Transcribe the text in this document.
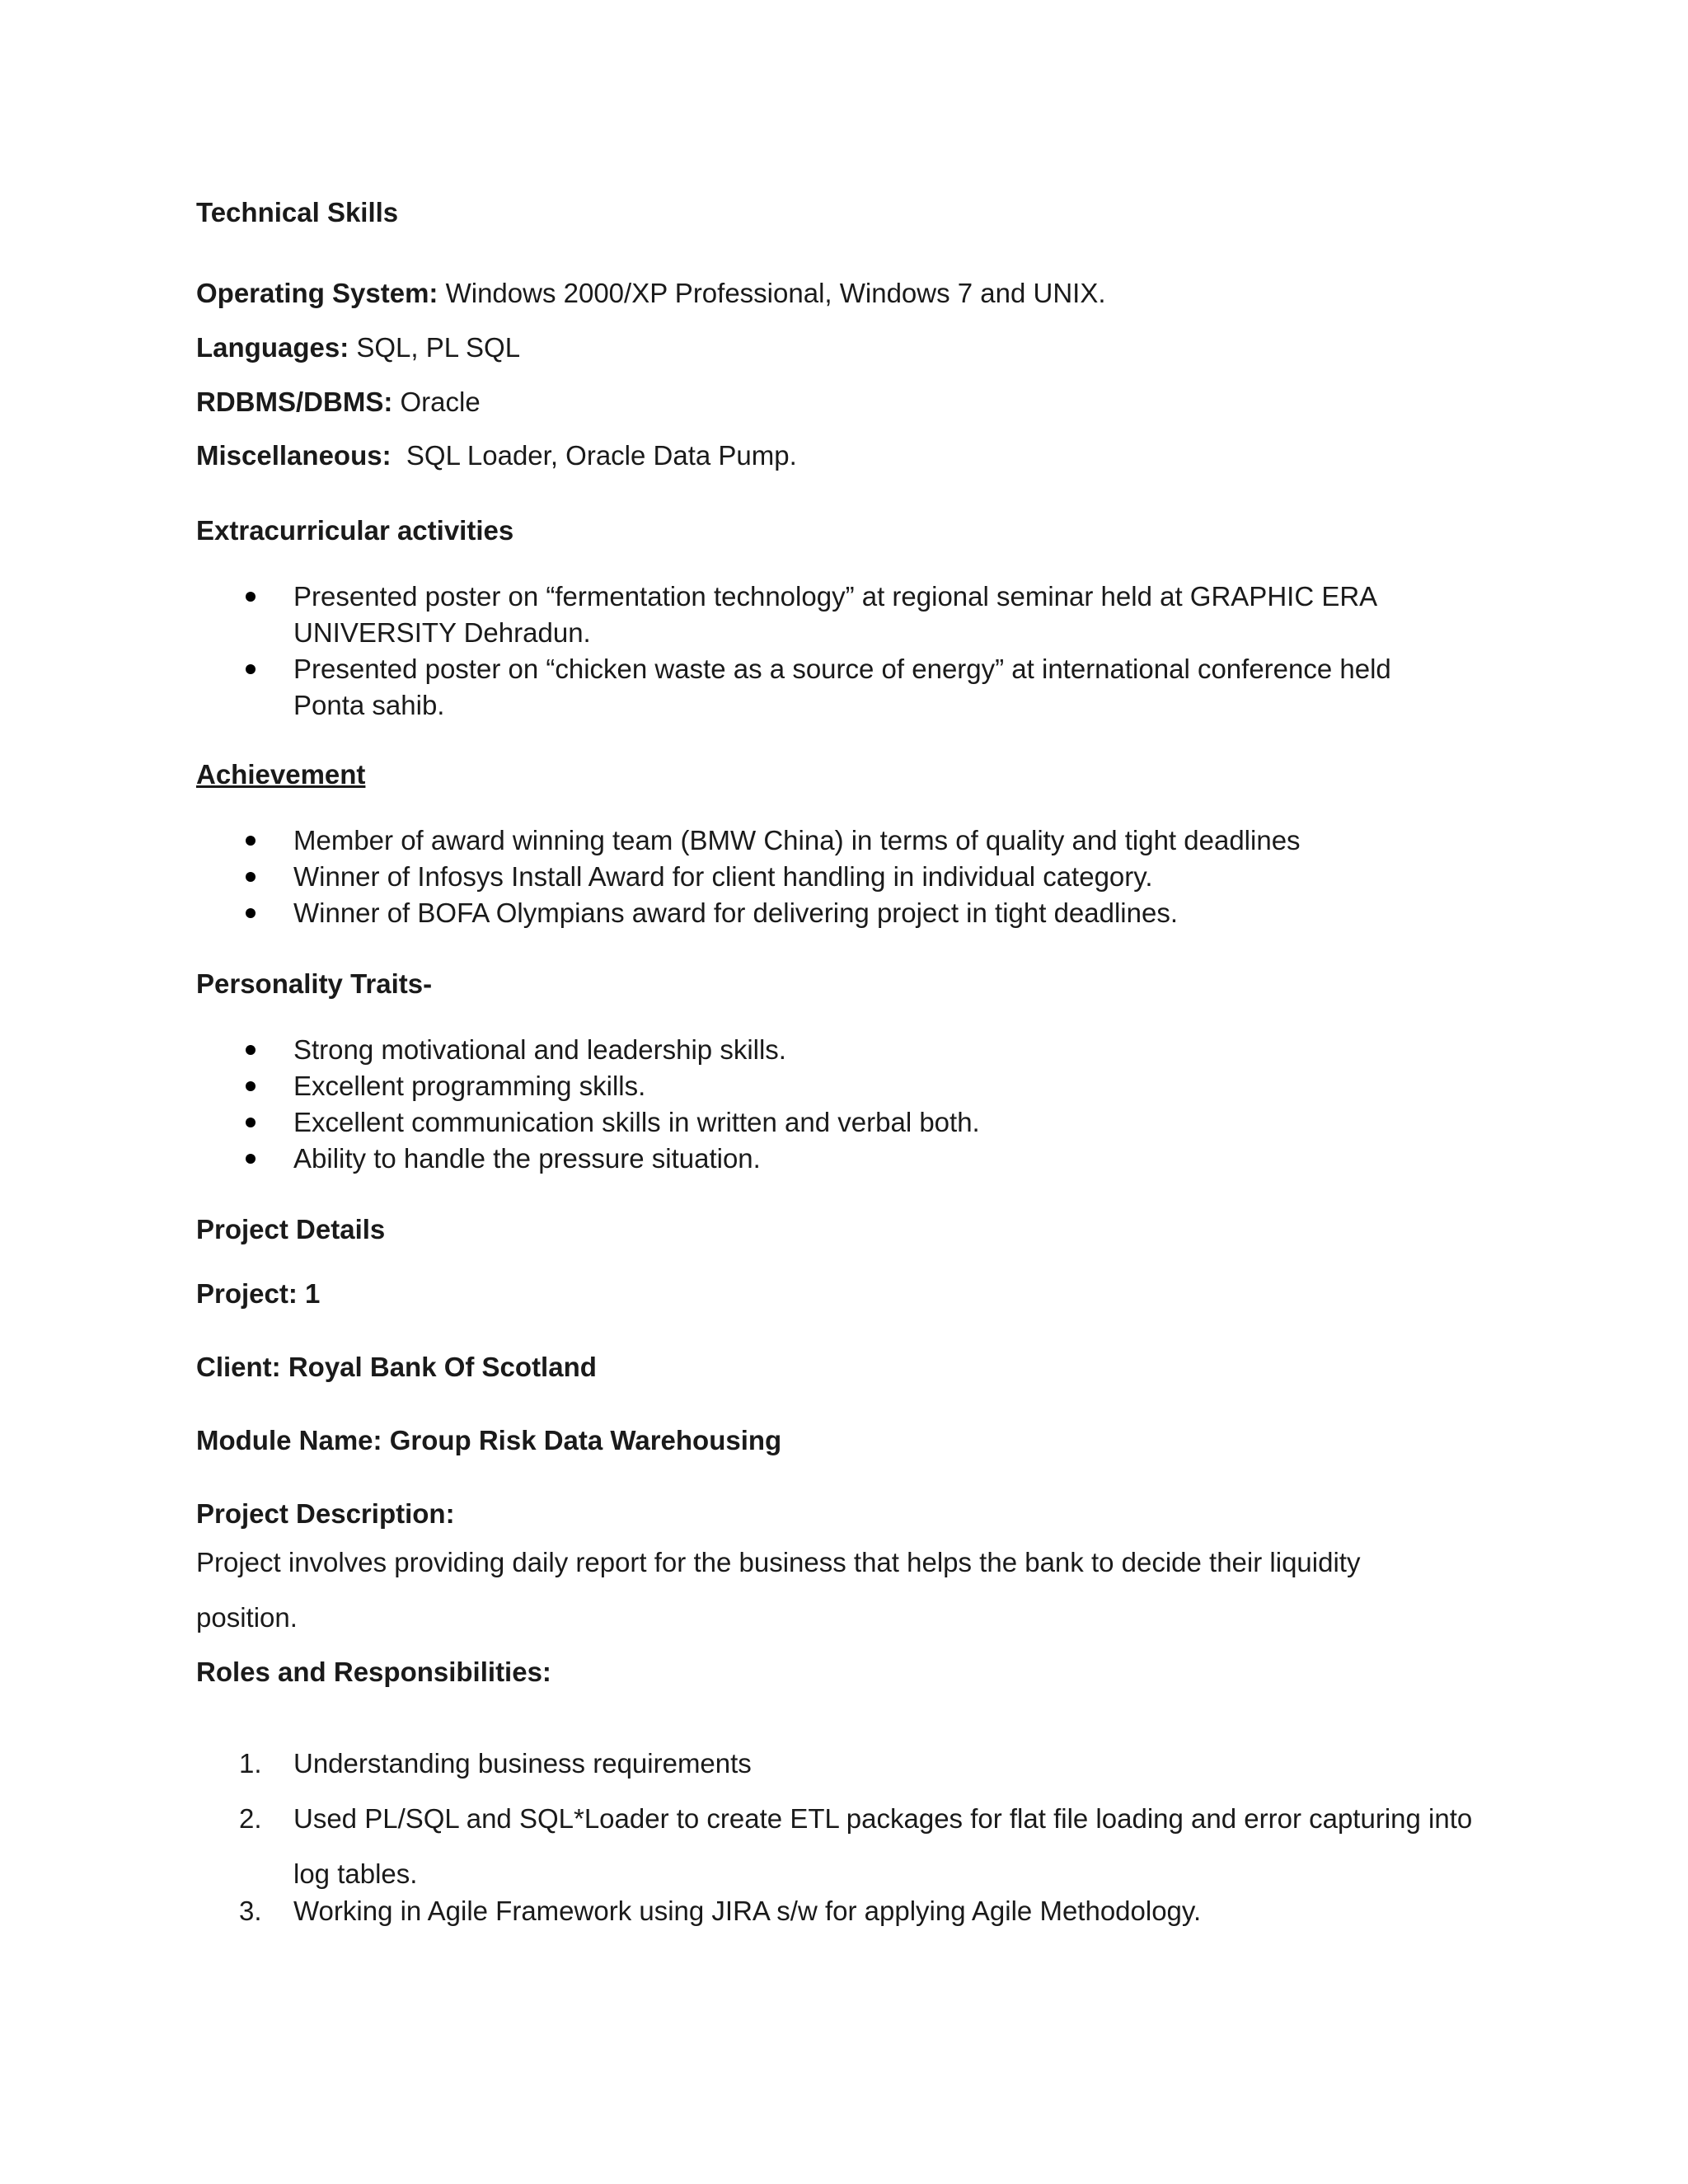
Technical Skills
Operating System: Windows 2000/XP Professional, Windows 7 and UNIX.
Languages: SQL, PL SQL
RDBMS/DBMS: Oracle
Miscellaneous:  SQL Loader, Oracle Data Pump.
Extracurricular activities
Presented poster on “fermentation technology” at regional seminar held at GRAPHIC ERA
UNIVERSITY Dehradun.
Presented poster on “chicken waste as a source of energy” at international conference held
Ponta sahib.
Achievement
Member of award winning team (BMW China) in terms of quality and tight deadlines
Winner of Infosys Install Award for client handling in individual category.
Winner of BOFA Olympians award for delivering project in tight deadlines.
Personality Traits-
Strong motivational and leadership skills.
Excellent programming skills.
Excellent communication skills in written and verbal both.
Ability to handle the pressure situation.
Project Details
Project: 1
Client: Royal Bank Of Scotland
Module Name: Group Risk Data Warehousing
Project Description:
Project involves providing daily report for the business that helps the bank to decide their liquidity
position.
Roles and Responsibilities:
1. Understanding business requirements
2. Used PL/SQL and SQL*Loader to create ETL packages for flat file loading and error capturing into
log tables.
3. Working in Agile Framework using JIRA s/w for applying Agile Methodology.
